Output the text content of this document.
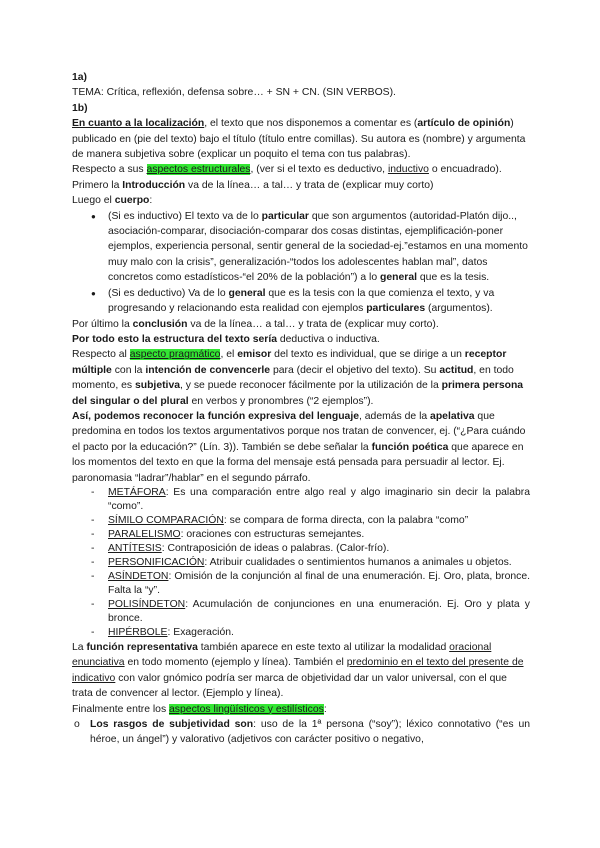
1a)

TEMA: Crítica, reflexión, defensa sobre… + SN + CN. (SIN VERBOS).

1b)

En cuanto a la localización, el texto que nos disponemos a comentar es (artículo de opinión) publicado en (pie del texto) bajo el título (título entre comillas). Su autora es (nombre) y argumenta de manera subjetiva sobre (explicar un poquito el tema con tus palabras).

Respecto a sus aspectos estructurales, (ver si el texto es deductivo, inductivo o encuadrado).

Primero la Introducción va de la línea… a tal… y trata de (explicar muy corto)

Luego el cuerpo:

● (Si es inductivo) El texto va de lo particular que son argumentos (autoridad-Platón dijo.., asociación-comparar, disociación-comparar dos cosas distintas, ejemplificación-poner ejemplos, experiencia personal, sentir general de la sociedad-ej.”estamos en una momento muy malo con la crisis”, generalización-“todos los adolescentes hablan mal”, datos concretos como estadísticos-“el 20% de la población”) a lo general que es la tesis.
● (Si es deductivo) Va de lo general que es la tesis con la que comienza el texto, y va progresando y relacionando esta realidad con ejemplos particulares (argumentos).

Por último la conclusión va de la línea… a tal… y trata de (explicar muy corto).

Por todo esto la estructura del texto sería deductiva o inductiva.

Respecto al aspecto pragmático, el emisor del texto es individual, que se dirige a un receptor múltiple con la intención de convencerle para (decir el objetivo del texto). Su actitud, en todo momento, es subjetiva, y se puede reconocer fácilmente por la utilización de la primera persona del singular o del plural en verbos y pronombres (“2 ejemplos”).

Así, podemos reconocer la función expresiva del lenguaje, además de la apelativa que predomina en todos los textos argumentativos porque nos tratan de convencer, ej. (“¿Para cuándo el pacto por la educación?” (Lín. 3)). También se debe señalar la función poética que aparece en los momentos del texto en que la forma del mensaje está pensada para persuadir al lector. Ej. paronomasia “ladrar”/hablar” en el segundo párrafo.

- METÁFORA: Es una comparación entre algo real y algo imaginario sin decir la palabra “como”.
- SÍMILO COMPARACIÓN: se compara de forma directa, con la palabra “como”
- PARALELISMO: oraciones con estructuras semejantes.
- ANTÍTESIS: Contraposición de ideas o palabras. (Calor-frío).
- PERSONIFICACIÓN: Atribuir cualidades o sentimientos humanos a animales u objetos.
- ASÍNDETON: Omisión de la conjunción al final de una enumeración. Ej. Oro, plata, bronce. Falta la “y”.
- POLISÍNDETON: Acumulación de conjunciones en una enumeración. Ej. Oro y plata y bronce.
- HIPÉRBOLE: Exageración.

La función representativa también aparece en este texto al utilizar la modalidad oracional enunciativa en todo momento (ejemplo y línea). También el predominio en el texto del presente de indicativo con valor gnómico podría ser marca de objetividad dar un valor universal, con el que trata de convencer al lector. (Ejemplo y línea).

Finalmente entre los aspectos lingüísticos y estilísticos:

o Los rasgos de subjetividad son: uso de la 1ª persona (“soy”); léxico connotativo (“es un héroe, un ángel”) y valorativo (adjetivos con carácter positivo o negativo,
